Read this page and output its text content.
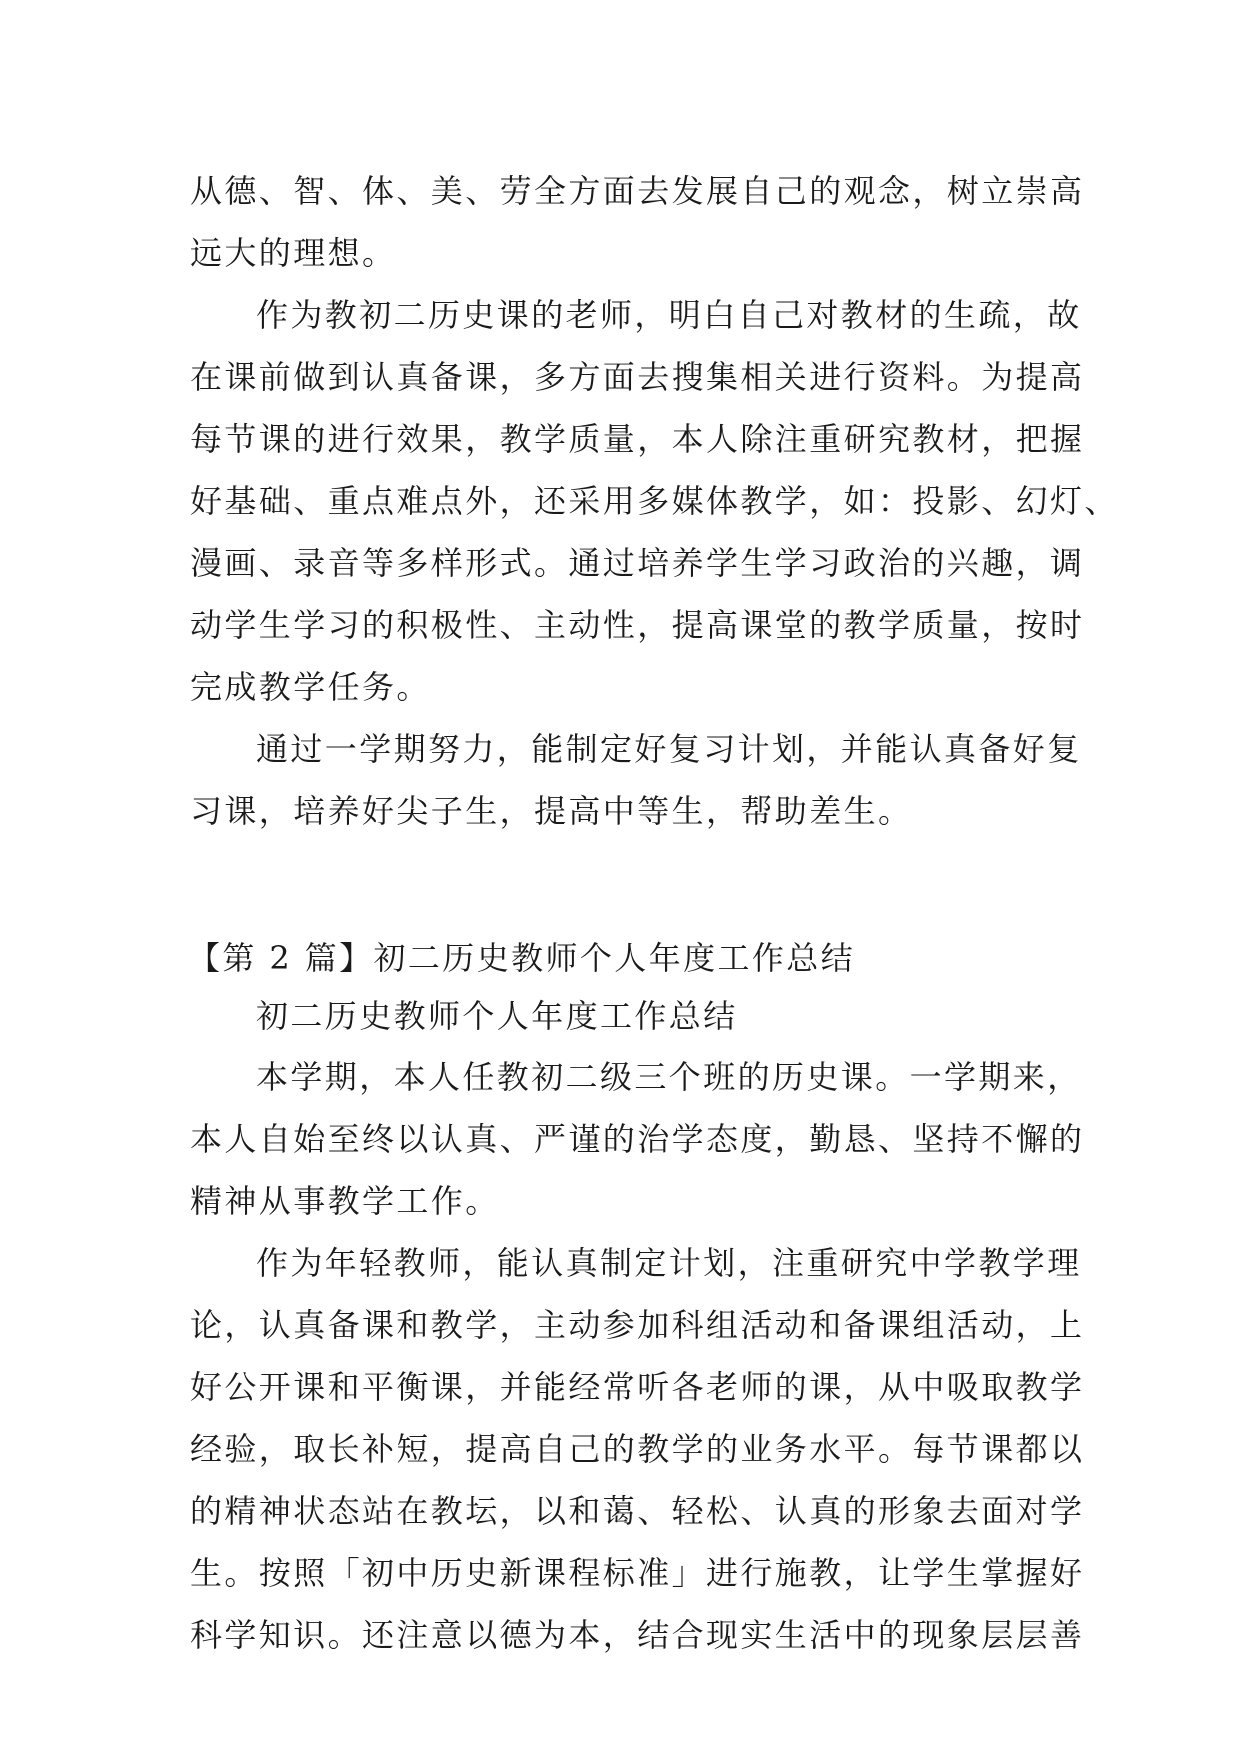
从德、智、体、美、劳全方面去发展自己的观念，树立崇高
远大的理想。
作为教初二历史课的老师，明白自己对教材的生疏，故
在课前做到认真备课，多方面去搜集相关进行资料。为提高
每节课的进行效果，教学质量，本人除注重研究教材，把握
好基础、重点难点外，还采用多媒体教学，如：投影、幻灯、
漫画、录音等多样形式。通过培养学生学习政治的兴趣，调
动学生学习的积极性、主动性，提高课堂的教学质量，按时
完成教学任务。
通过一学期努力，能制定好复习计划，并能认真备好复
习课，培养好尖子生，提高中等生，帮助差生。
【第 2 篇】初二历史教师个人年度工作总结
初二历史教师个人年度工作总结
本学期，本人任教初二级三个班的历史课。一学期来，
本人自始至终以认真、严谨的治学态度，勤恳、坚持不懈的
精神从事教学工作。
作为年轻教师，能认真制定计划，注重研究中学教学理
论，认真备课和教学，主动参加科组活动和备课组活动，上
好公开课和平衡课，并能经常听各老师的课，从中吸取教学
经验，取长补短，提高自己的教学的业务水平。每节课都以
的精神状态站在教坛，以和蔼、轻松、认真的形象去面对学
生。按照「初中历史新课程标准」进行施教，让学生掌握好
科学知识。还注意以德为本，结合现实生活中的现象层层善
